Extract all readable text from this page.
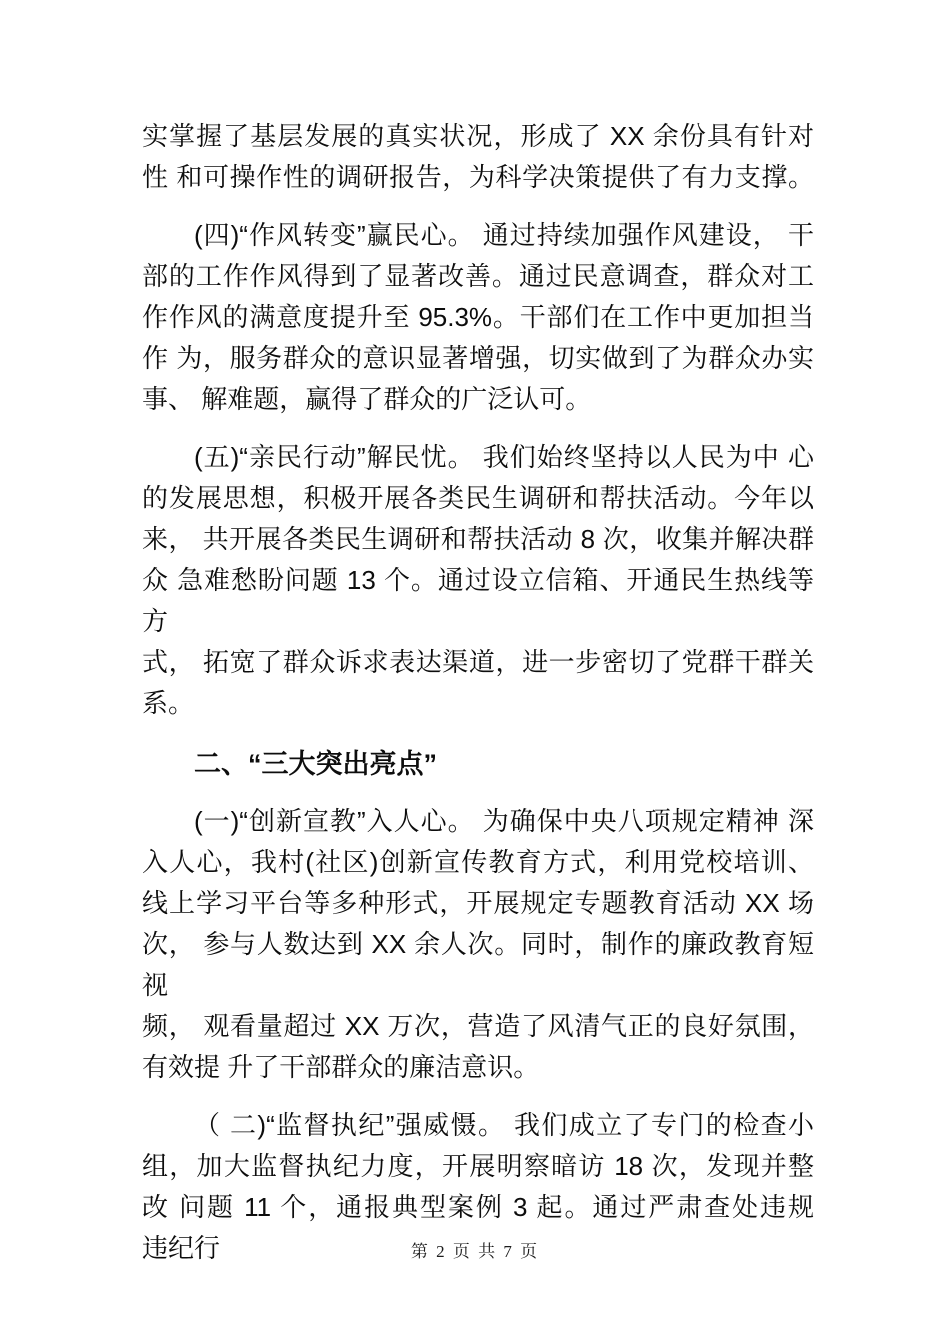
实掌握了基层发展的真实状况，形成了 XX 余份具有针对
性 和可操作性的调研报告，为科学决策提供了有力支撑。
(四)“作风转变”赢民心。 通过持续加强作风建设， 干
部的工作作风得到了显著改善。通过民意调查，群众对工
作作风的满意度提升至 95.3%。干部们在工作中更加担当
作 为，服务群众的意识显著增强，切实做到了为群众办实
事、 解难题，赢得了群众的广泛认可。
(五)“亲民行动”解民忧。 我们始终坚持以人民为中 心
的发展思想，积极开展各类民生调研和帮扶活动。今年以
来， 共开展各类民生调研和帮扶活动 8 次，收集并解决群
众 急难愁盼问题 13 个。通过设立信箱、开通民生热线等方
式， 拓宽了群众诉求表达渠道，进一步密切了党群干群关
系。
二、“三大突出亮点”
(一)“创新宣教”入人心。 为确保中央八项规定精神 深
入人心，我村(社区)创新宣传教育方式，利用党校培训、
线上学习平台等多种形式，开展规定专题教育活动 XX 场
次， 参与人数达到 XX 余人次。同时，制作的廉政教育短视
频， 观看量超过 XX 万次，营造了风清气正的良好氛围，
有效提 升了干部群众的廉洁意识。
（ 二)“监督执纪”强威慑。 我们成立了专门的检查小
组，加大监督执纪力度，开展明察暗访 18 次，发现并整
改 问题 11 个，通报典型案例 3 起。通过严肃查处违规
违纪行	第 2 页 共 7 页
